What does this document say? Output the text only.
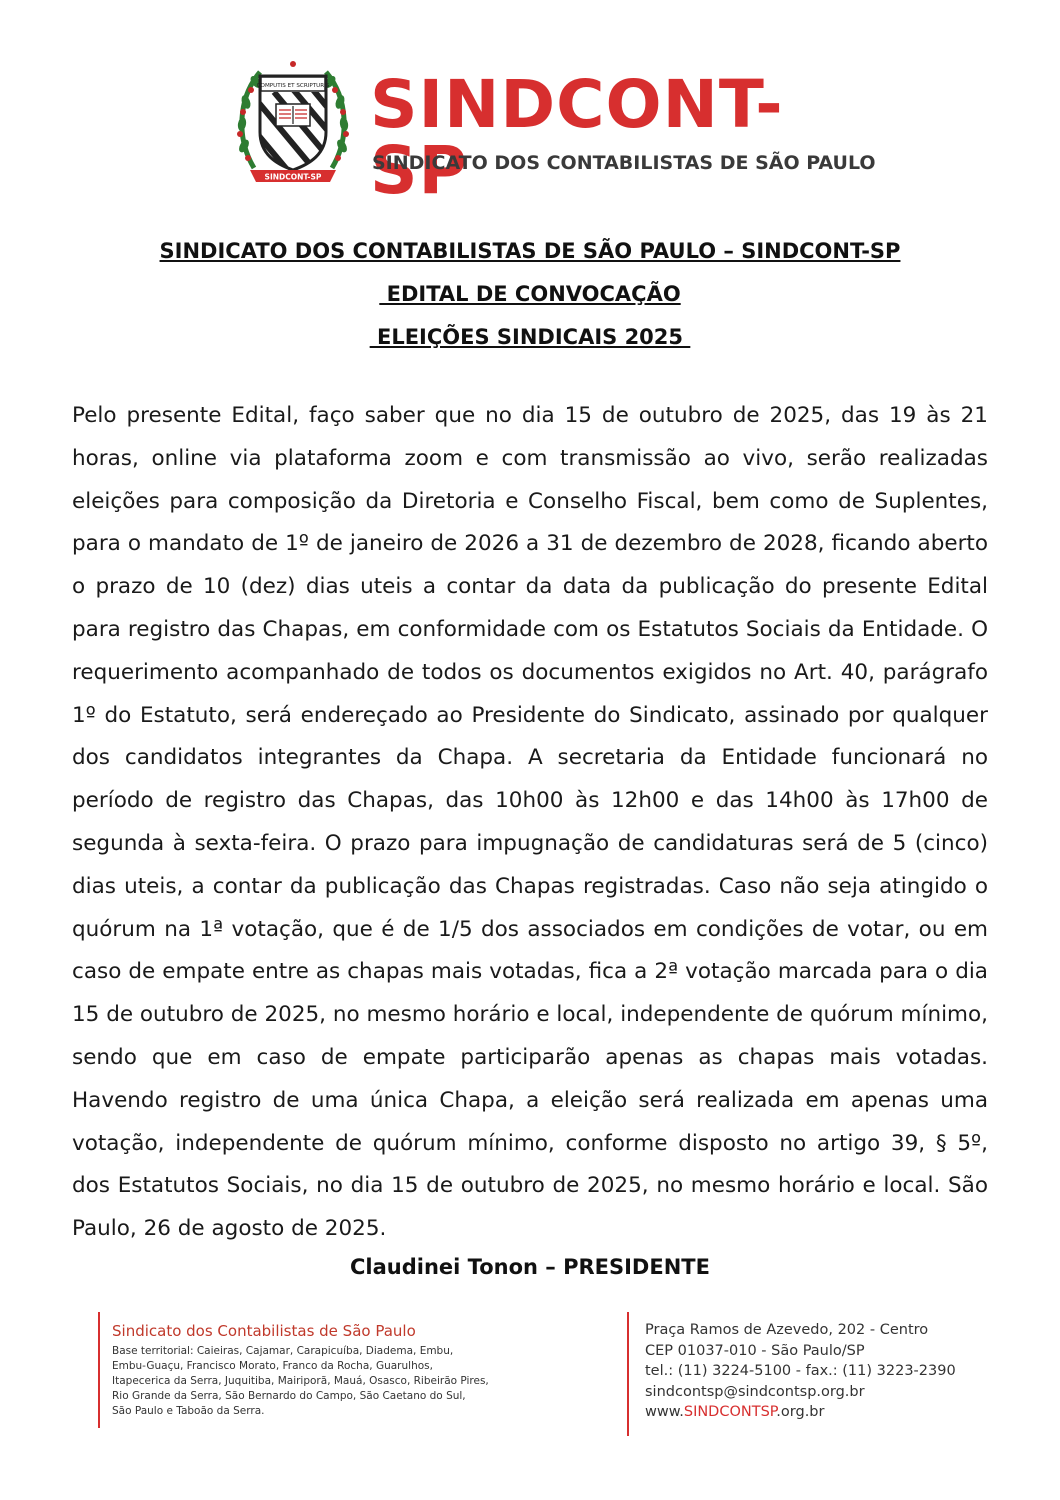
COMPUTIS ET SCRIPTURIS
SINDCONT-SP
SINDCONT-SP
SINDICATO DOS CONTABILISTAS DE SÃO PAULO
SINDICATO DOS CONTABILISTAS DE SÃO PAULO – SINDCONT-SP
EDITAL DE CONVOCAÇÃO
ELEIÇÕES SINDICAIS 2025
Pelo presente Edital, faço saber que no dia 15 de outubro de 2025, das 19 às 21 horas, online via plataforma zoom e com transmissão ao vivo, serão realizadas eleições para composição da Diretoria e Conselho Fiscal, bem como de Suplentes, para o mandato de 1º de janeiro de 2026 a 31 de dezembro de 2028, ficando aberto o prazo de 10 (dez) dias uteis a contar da data da publicação do presente Edital para registro das Chapas, em conformidade com os Estatutos Sociais da Entidade. O requerimento acompanhado de todos os documentos exigidos no Art. 40, parágrafo 1º do Estatuto, será endereçado ao Presidente do Sindicato, assinado por qualquer dos candidatos integrantes da Chapa. A secretaria da Entidade funcionará no período de registro das Chapas, das 10h00 às 12h00 e das 14h00 às 17h00 de segunda à sexta-feira. O prazo para impugnação de candidaturas será de 5 (cinco) dias uteis, a contar da publicação das Chapas registradas. Caso não seja atingido o quórum na 1ª votação, que é de 1/5 dos associados em condições de votar, ou em caso de empate entre as chapas mais votadas, fica a 2ª votação marcada para o dia 15 de outubro de 2025, no mesmo horário e local, independente de quórum mínimo, sendo que em caso de empate participarão apenas as chapas mais votadas. Havendo registro de uma única Chapa, a eleição será realizada em apenas uma votação, independente de quórum mínimo, conforme disposto no artigo 39, § 5º, dos Estatutos Sociais, no dia 15 de outubro de 2025, no mesmo horário e local. São Paulo, 26 de agosto de 2025.
Claudinei Tonon – PRESIDENTE
Sindicato dos Contabilistas de São Paulo
Base territorial: Caieiras, Cajamar, Carapicuíba, Diadema, Embu,
Embu-Guaçu, Francisco Morato, Franco da Rocha, Guarulhos,
Itapecerica da Serra, Juquitiba, Mairiporã, Mauá, Osasco, Ribeirão Pires,
Rio Grande da Serra, São Bernardo do Campo, São Caetano do Sul,
São Paulo e Taboão da Serra.
Praça Ramos de Azevedo, 202 - Centro
CEP 01037-010 - São Paulo/SP
tel.: (11) 3224-5100 - fax.: (11) 3223-2390
sindcontsp@sindcontsp.org.br
www.SINDCONTSP.org.br
